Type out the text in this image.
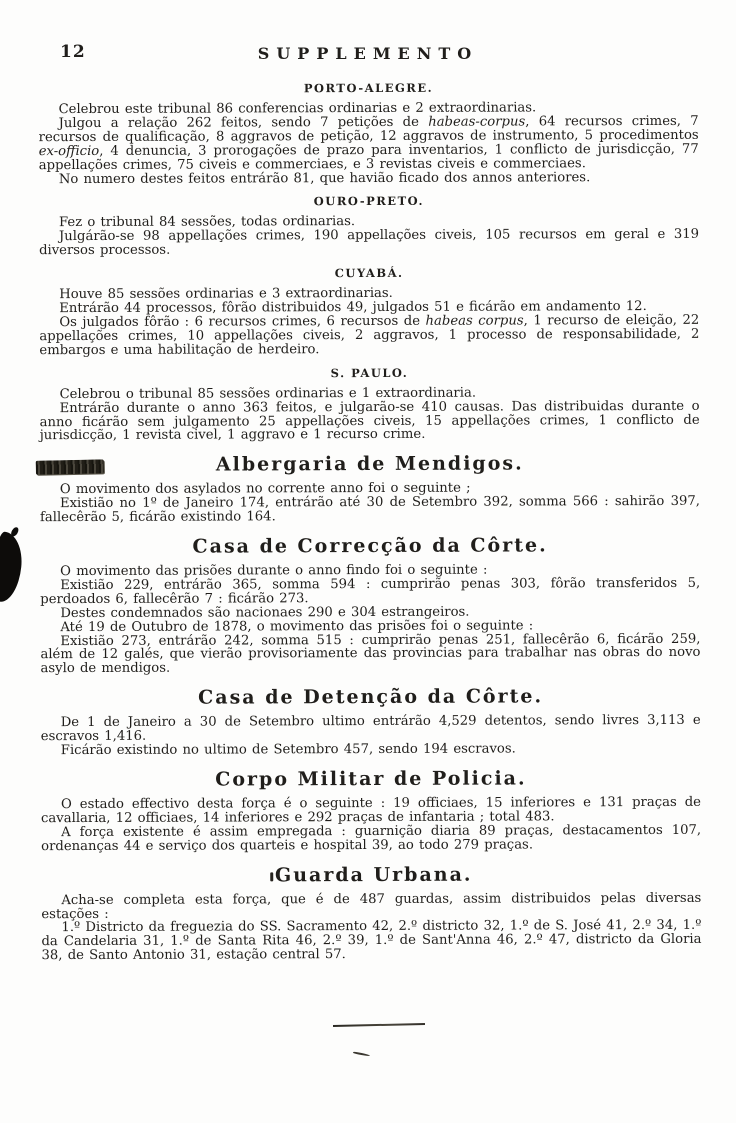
12	SUPPLEMENTO
PORTO-ALEGRE.

Celebrou este tribunal 86 conferencias ordinarias e 2 extraordinarias.

Julgou a relação 262 feitos, sendo 7 petições de habeas-corpus, 64 recursos crimes, 7 recursos de qualificação, 8 aggravos de petição, 12 aggravos de instrumento, 5 procedimentos ex-officio, 4 denuncia, 3 prorogações de prazo para inventarios, 1 conflicto de jurisdicção, 77 appellações crimes, 75 civeis e commerciaes, e 3 revistas civeis e commerciaes.

No numero destes feitos entrárão 81, que havião ficado dos annos anteriores.

OURO-PRETO.

Fez o tribunal 84 sessões, todas ordinarias.

Julgárão-se 98 appellações crimes, 190 appellações civeis, 105 recursos em geral e 319 diversos processos.

CUYABÁ.

Houve 85 sessões ordinarias e 3 extraordinarias.

Entrárão 44 processos, fôrão distribuidos 49, julgados 51 e ficárão em andamento 12.

Os julgados fôrão : 6 recursos crimes, 6 recursos de habeas corpus, 1 recurso de eleição, 22 appellações crimes, 10 appellações civeis, 2 aggravos, 1 processo de responsabilidade, 2 embargos e uma habilitação de herdeiro.

S. PAULO.

Celebrou o tribunal 85 sessões ordinarias e 1 extraordinaria.

Entrárão durante o anno 363 feitos, e julgarão-se 410 causas. Das distribuidas durante o anno ficárão sem julgamento 25 appellações civeis, 15 appellações crimes, 1 conflicto de jurisdicção, 1 revista civel, 1 aggravo e 1 recurso crime.

Albergaria de Mendigos.

O movimento dos asylados no corrente anno foi o seguinte ;

Existião no 1º de Janeiro 174, entrárão até 30 de Setembro 392, somma 566 : sahirão 397, fallecêrão 5, ficárão existindo 164.

Casa de Correcção da Côrte.

O movimento das prisões durante o anno findo foi o seguinte :

Existião 229, entrárão 365, somma 594 : cumprirão penas 303, fôrão transferidos 5, perdoados 6, fallecêrão 7 : ficárão 273.

Destes condemnados são nacionaes 290 e 304 estrangeiros.

Até 19 de Outubro de 1878, o movimento das prisões foi o seguinte :

Existião 273, entrárão 242, somma 515 : cumprirão penas 251, fallecêrão 6, ficárão 259, além de 12 galés, que vierão provisoriamente das provincias para trabalhar nas obras do novo asylo de mendigos.

Casa de Detenção da Côrte.

De 1 de Janeiro a 30 de Setembro ultimo entrárão 4,529 detentos, sendo livres 3,113 e escravos 1,416.

Ficárão existindo no ultimo de Setembro 457, sendo 194 escravos.

Corpo Militar de Policia.

O estado effectivo desta força é o seguinte : 19 officiaes, 15 inferiores e 131 praças de cavallaria, 12 officiaes, 14 inferiores e 292 praças de infantaria ; total 483.

A força existente é assim empregada : guarnição diaria 89 praças, destacamentos 107, ordenanças 44 e serviço dos quarteis e hospital 39, ao todo 279 praças.

Guarda Urbana.

Acha-se completa esta força, que é de 487 guardas, assim distribuidos pelas diversas estações :

1.º Districto da freguezia do SS. Sacramento 42, 2.º districto 32, 1.º de S. José 41, 2.º 34, 1.º da Candelaria 31, 1.º de Santa Rita 46, 2.º 39, 1.º de Sant'Anna 46, 2.º 47, districto da Gloria 38, de Santo Antonio 31, estação central 57.
